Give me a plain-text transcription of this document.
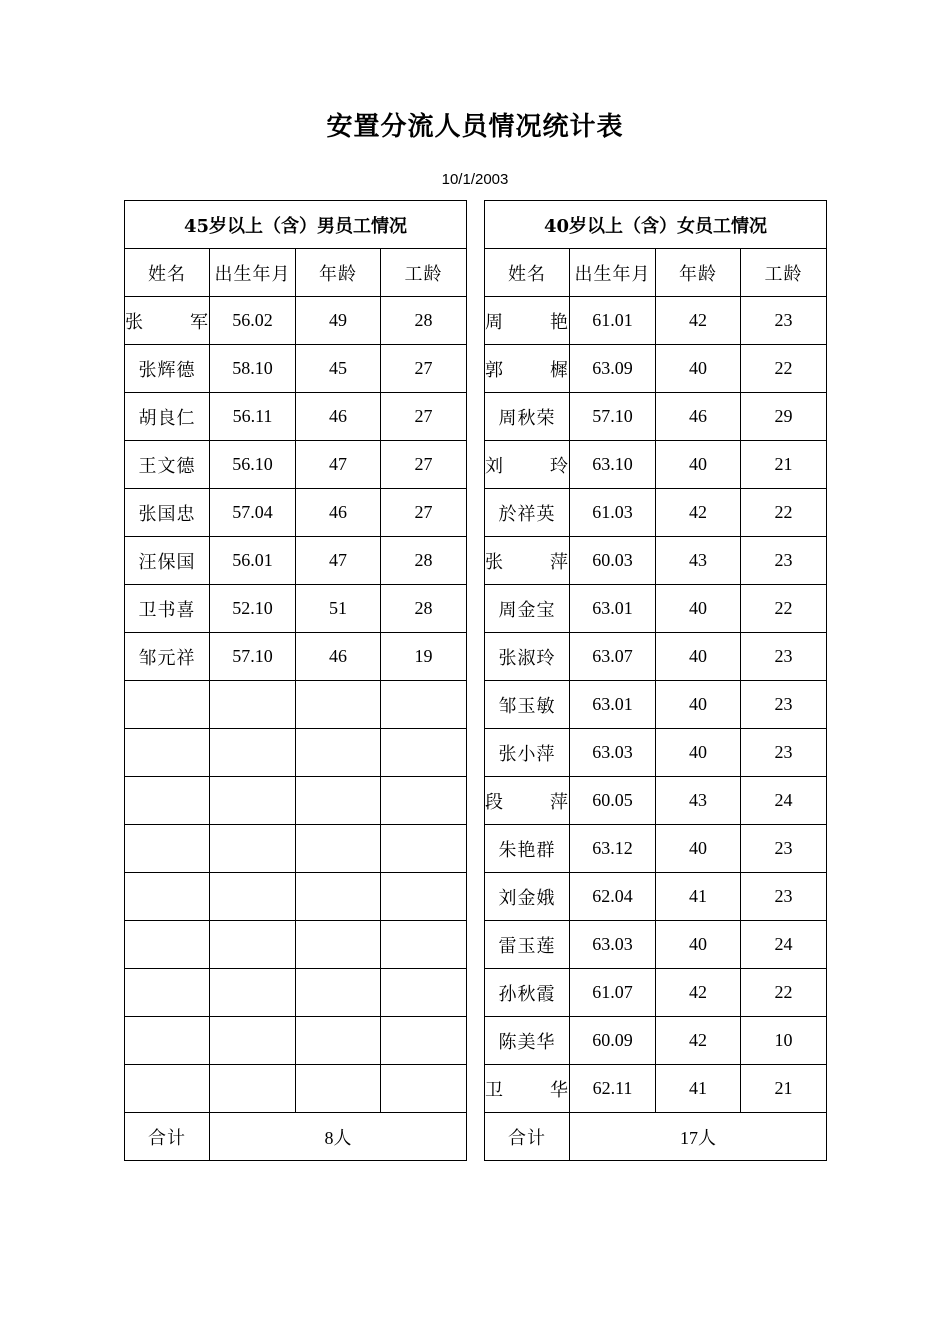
安置分流人员情况统计表
10/1/2003
45岁以上（含）男员工情况			
姓名	出生年月	年龄	工龄
张 军	56.02	49	28
张辉德	58.10	45	27
胡良仁	56.11	46	27
王文德	56.10	47	27
张国忠	57.04	46	27
汪保国	56.01	47	28
卫书喜	52.10	51	28
邹元祥	57.10	46	19

合计	8人		
40岁以上（含）女员工情况			
姓名	出生年月	年龄	工龄
周 艳	61.01	42	23
郭 樨	63.09	40	22
周秋荣	57.10	46	29
刘 玲	63.10	40	21
於祥英	61.03	42	22
张 萍	60.03	43	23
周金宝	63.01	40	22
张淑玲	63.07	40	23
邹玉敏	63.01	40	23
张小萍	63.03	40	23
段 萍	60.05	43	24
朱艳群	63.12	40	23
刘金娥	62.04	41	23
雷玉莲	63.03	40	24
孙秋霞	61.07	42	22
陈美华	60.09	42	10
卫 华	62.11	41	21
合计	17人		
